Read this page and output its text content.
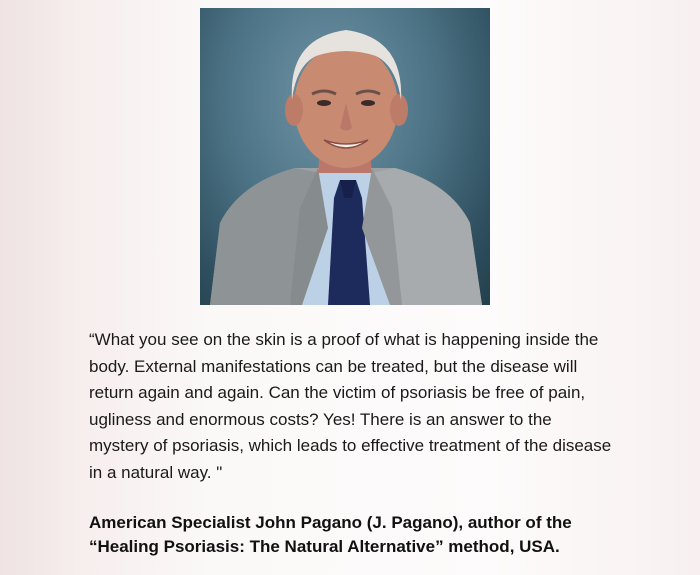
“What you see on the skin is a proof of what is happening inside the body. External manifestations can be treated, but the disease will return again and again. Can the victim of psoriasis be free of pain, ugliness and enormous costs? Yes! There is an answer to the mystery of psoriasis, which leads to effective treatment of the disease in a natural way. "

American Specialist John Pagano (J. Pagano), author of the “Healing Psoriasis: The Natural Alternative” method, USA.
